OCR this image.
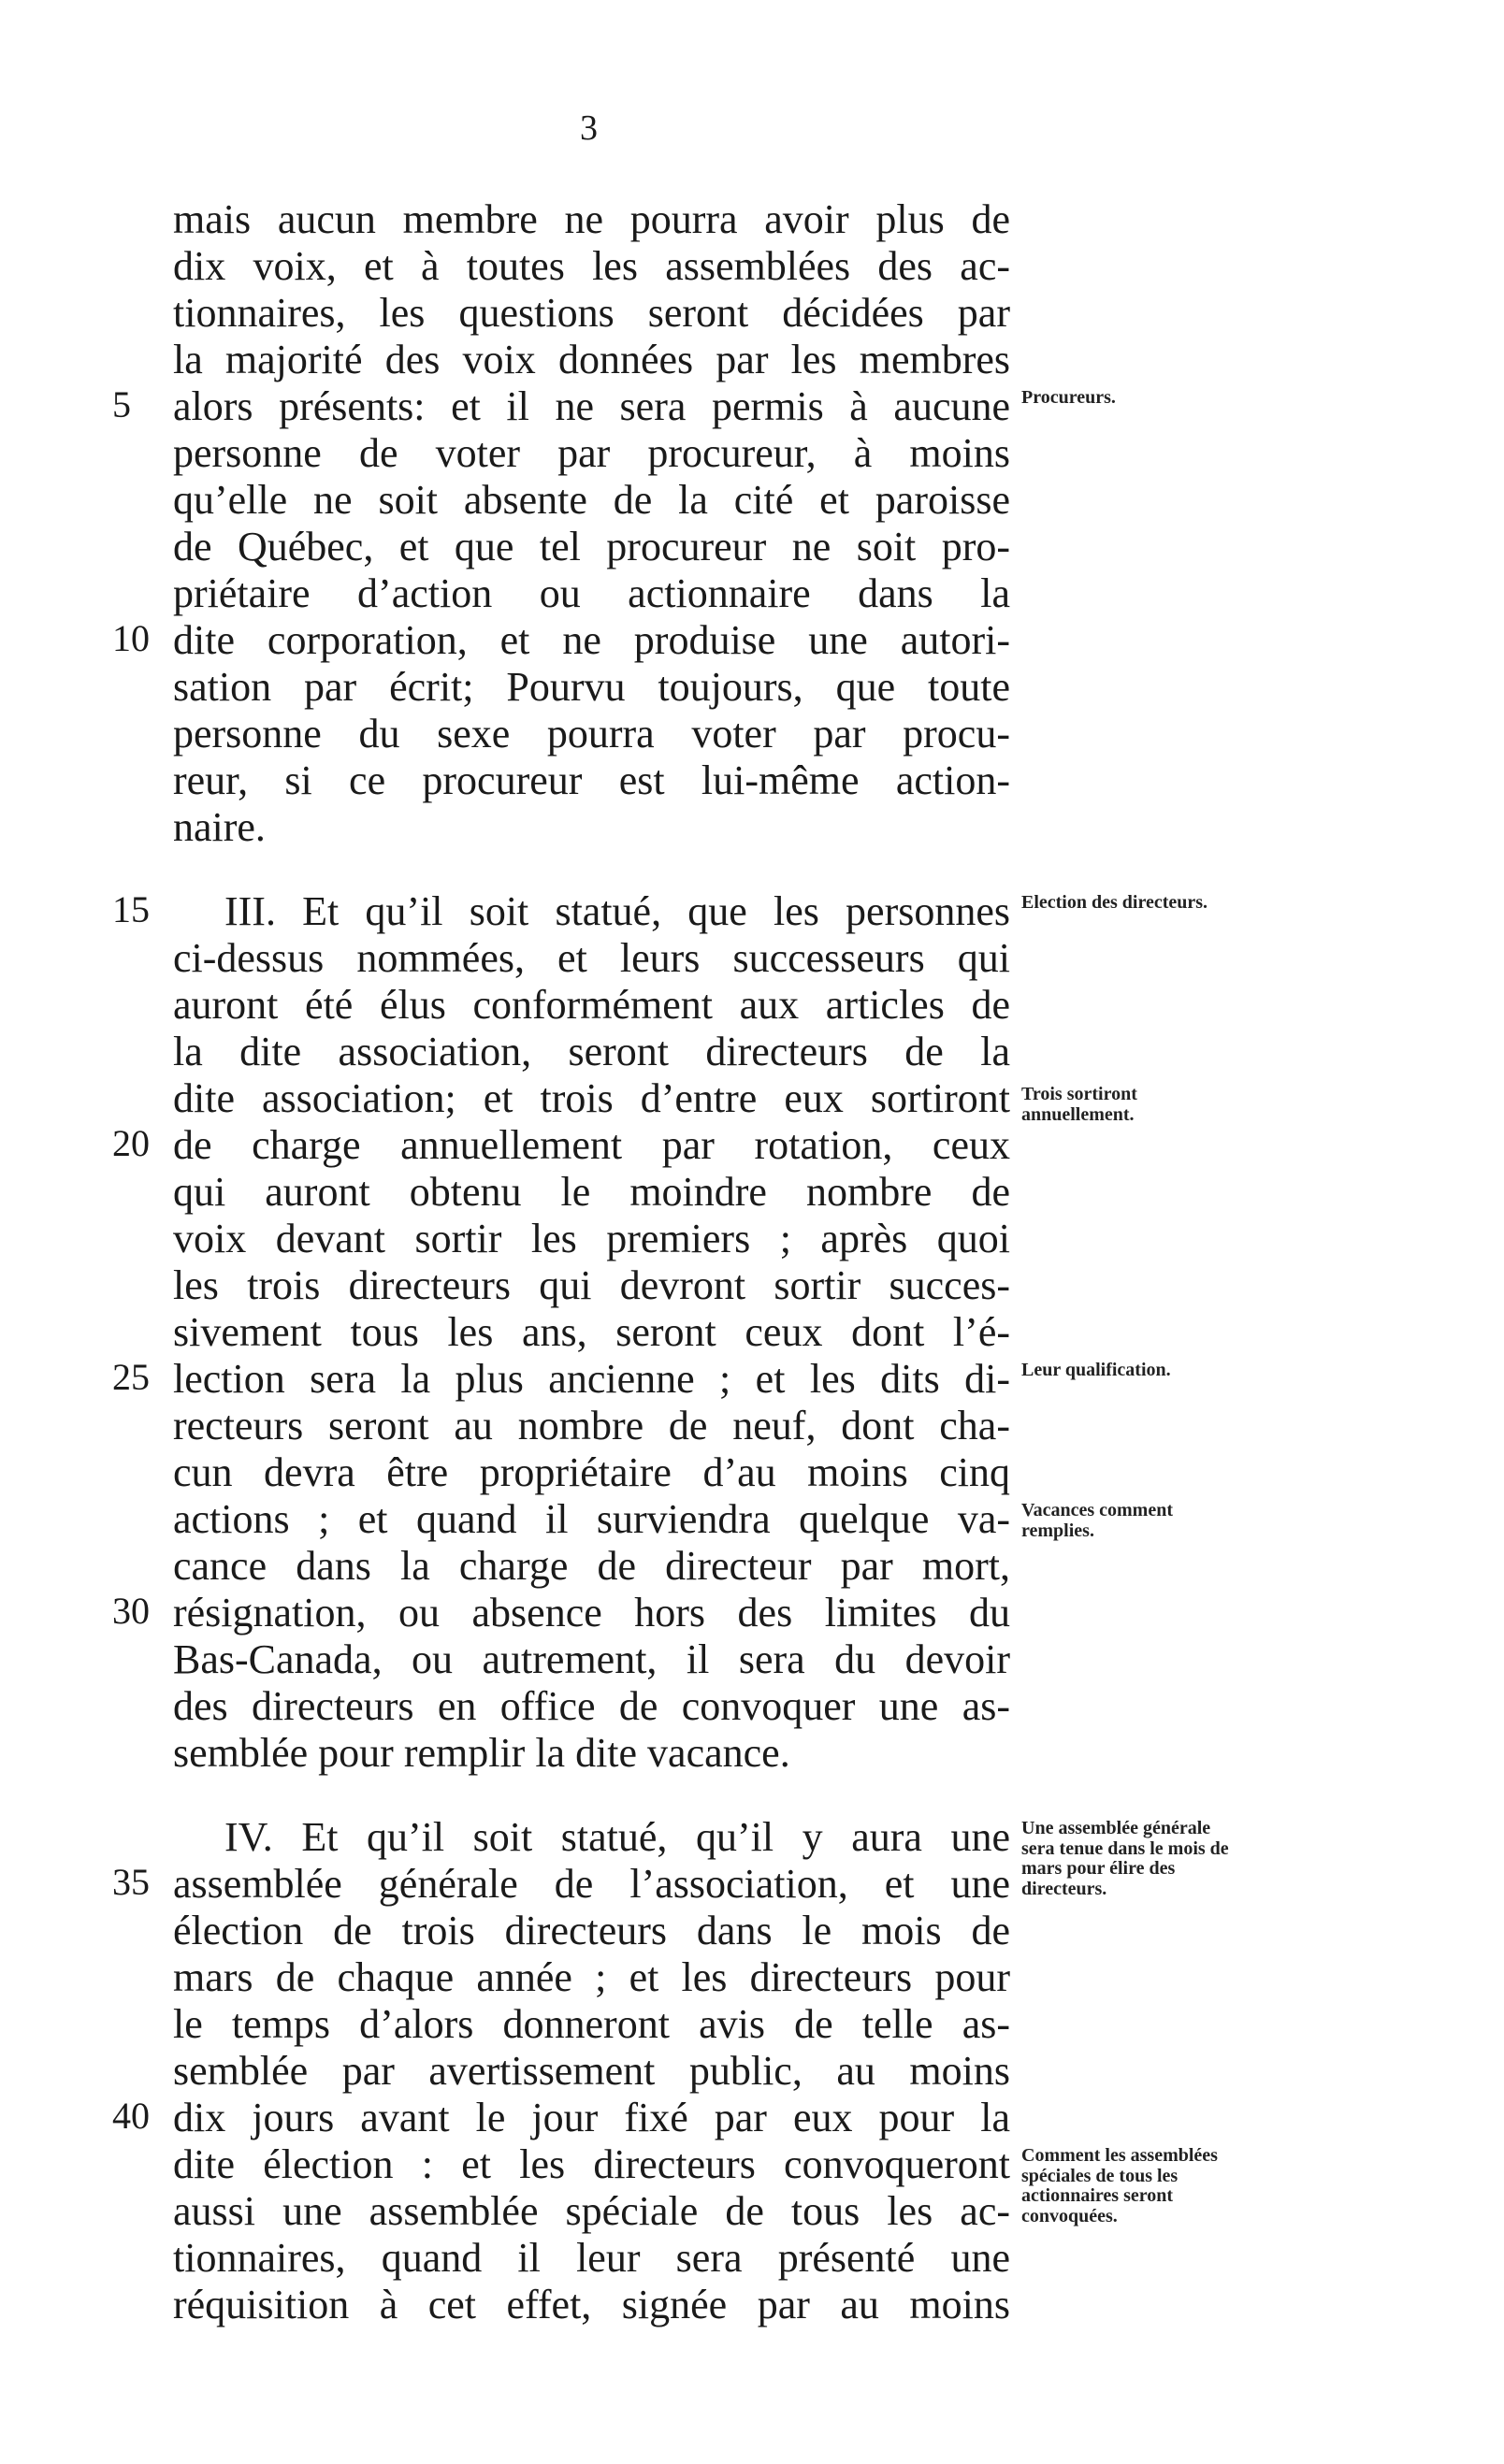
3
mais aucun membre ne pourra avoir plus de
dix voix, et à toutes les assemblées des ac-
tionnaires, les questions seront décidées par
la majorité des voix données par les membres
5 alors présents: et il ne sera permis à aucune
personne de voter par procureur, à moins
qu’elle ne soit absente de la cité et paroisse
de Québec, et que tel procureur ne soit pro-
priétaire d’action ou actionnaire dans la
10 dite corporation, et ne produise une autori-
sation par écrit; Pourvu toujours, que toute
personne du sexe pourra voter par procu-
reur, si ce procureur est lui-même action-
naire.
15	III. Et qu’il soit statué, que les personnes
ci-dessus nommées, et leurs successeurs qui
auront été élus conformément aux articles de
la dite association, seront directeurs de la
dite association; et trois d’entre eux sortiront
20 de charge annuellement par rotation, ceux
qui auront obtenu le moindre nombre de
voix devant sortir les premiers ; après quoi
les trois directeurs qui devront sortir succes-
sivement tous les ans, seront ceux dont l’é-
25 lection sera la plus ancienne ; et les dits di-
recteurs seront au nombre de neuf, dont cha-
cun devra être propriétaire d’au moins cinq
actions ; et quand il surviendra quelque va-
cance dans la charge de directeur par mort,
30 résignation, ou absence hors des limites du
Bas-Canada, ou autrement, il sera du devoir
des directeurs en office de convoquer une as-
semblée pour remplir la dite vacance.
IV. Et qu’il soit statué, qu’il y aura une
35 assemblée générale de l’association, et une
élection de trois directeurs dans le mois de
mars de chaque année ; et les directeurs pour
le temps d’alors donneront avis de telle as-
semblée par avertissement public, au moins
40 dix jours avant le jour fixé par eux pour la
dite élection : et les directeurs convoqueront
aussi une assemblée spéciale de tous les ac-
tionnaires, quand il leur sera présenté une
réquisition à cet effet, signée par au moins
Procureurs.
Election des directeurs.
Trois sortiront annuellement.
Leur qualification.
Vacances comment remplies.
Une assemblée générale sera tenue dans le mois de mars pour élire des directeurs.
Comment les assemblées spéciales de tous les actionnaires seront convoquées.
